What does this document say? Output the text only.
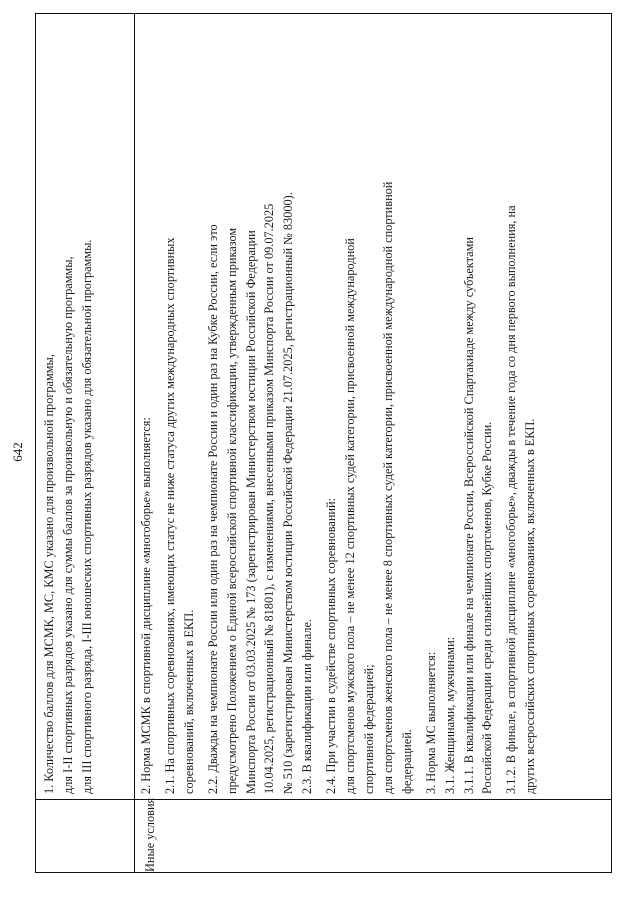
642
Иные условия
1. Количество баллов для МСМК, МС, КМС указано для произвольной программы, для I-II спортивных разрядов указано для суммы баллов за произвольную и обязательную программы, для III спортивного разряда, I-III юношеских спортивных разрядов указано для обязательной программы.	2. Норма МСМК в спортивной дисциплине «многоборье» выполняется: 2.1. На спортивных соревнованиях, имеющих статус не ниже статуса других международных спортивных соревнований, включенных в ЕКП. 2.2. Дважды на чемпионате России или один раз на чемпионате России и один раз на Кубке России, если это предусмотрено Положением о Единой всероссийской спортивной классификации, утвержденным приказом Минспорта России от 03.03.2025 № 173 (зарегистрирован Министерством юстиции Российской Федерации 10.04.2025, регистрационный № 81801), с изменениями, внесенными приказом Минспорта России от 09.07.2025 № 510 (зарегистрирован Министерством юстиции Российской Федерации 21.07.2025, регистрационный № 83000). 2.3. В квалификации или финале. 2.4. При участии в судействе спортивных соревнований: для спортсменов мужского пола – не менее 12 спортивных судей категории, присвоенной международной спортивной федерацией; для спортсменов женского пола – не менее 8 спортивных судей категории, присвоенной международной спортивной федерацией. 3. Норма МС выполняется: 3.1. Женщинами, мужчинами: 3.1.1. В квалификации или финале на чемпионате России, Всероссийской Спартакиаде между субъектами Российской Федерации среди сильнейших спортсменов, Кубке России. 3.1.2. В финале, в спортивной дисциплине «многоборье», дважды в течение года со дня первого выполнения, на других всероссийских спортивных соревнованиях, включенных в ЕКП.
